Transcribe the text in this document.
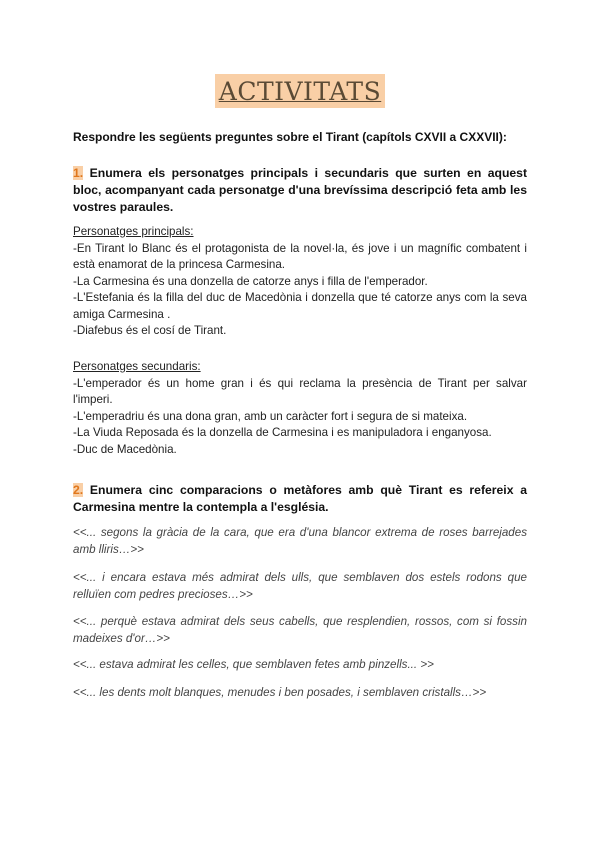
ACTIVITATS
Respondre les següents preguntes sobre el Tirant (capítols CXVII a CXXVII):
1. Enumera els personatges principals i secundaris que surten en aquest bloc, acompanyant cada personatge d'una brevíssima descripció feta amb les vostres paraules.
Personatges principals:
-En Tirant lo Blanc és el protagonista de la novel·la, és jove i un magnífic combatent i està enamorat de la princesa Carmesina.
-La Carmesina és una donzella de catorze anys i filla de l'emperador.
-L'Estefania és la filla del duc de Macedònia i donzella que té catorze anys com la seva amiga Carmesina .
-Diafebus és el cosí de Tirant.
Personatges secundaris:
-L'emperador és un home gran i és qui reclama la presència de Tirant per salvar l'imperi.
-L'emperadriu és una dona gran, amb un caràcter fort i segura de si mateixa.
-La Viuda Reposada és la donzella de Carmesina i es manipuladora i enganyosa.
-Duc de Macedònia.
2. Enumera cinc comparacions o metàfores amb què Tirant es refereix a Carmesina mentre la contempla a l'església.
<<... segons la gràcia de la cara, que era d'una blancor extrema de roses barrejades amb lliris…>>
<<... i encara estava més admirat dels ulls, que semblaven dos estels rodons que relluïen com pedres precioses…>>
<<... perquè estava admirat dels seus cabells, que resplendien, rossos, com si fossin madeixes d'or…>>
<<... estava admirat les celles, que semblaven fetes amb pinzells... >>
<<... les dents molt blanques, menudes i ben posades, i semblaven cristalls…>>
